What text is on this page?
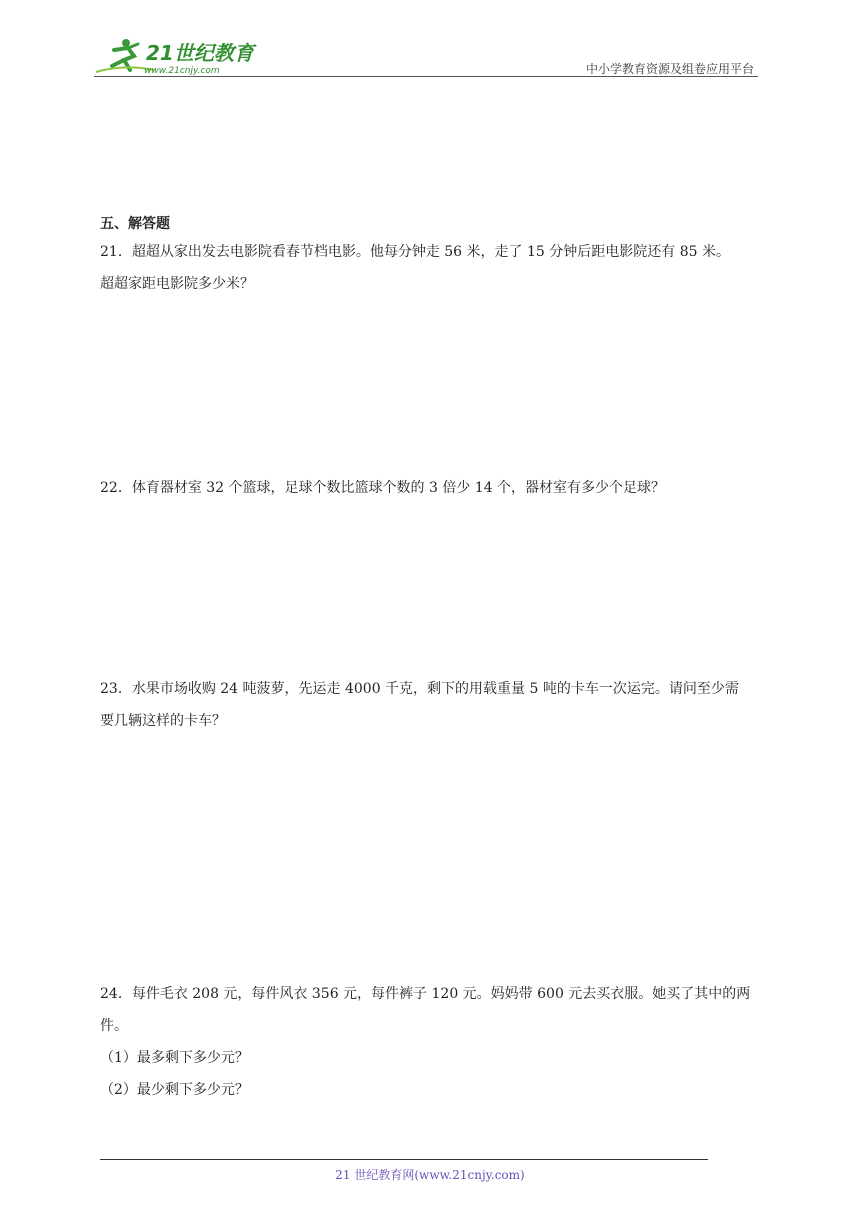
21世纪教育
www.21cnjy.com	中小学教育资源及组卷应用平台
五、解答题

21．超超从家出发去电影院看春节档电影。他每分钟走 56 米，走了 15 分钟后距电影院还有 85 米。

超超家距电影院多少米？

22．体育器材室 32 个篮球，足球个数比篮球个数的 3 倍少 14 个，器材室有多少个足球？

23．水果市场收购 24 吨菠萝，先运走 4000 千克，剩下的用载重量 5 吨的卡车一次运完。请问至少需

要几辆这样的卡车？

24．每件毛衣 208 元，每件风衣 356 元，每件裤子 120 元。妈妈带 600 元去买衣服。她买了其中的两

件。

（1）最多剩下多少元？

（2）最少剩下多少元？

21 世纪教育网(www.21cnjy.com)
